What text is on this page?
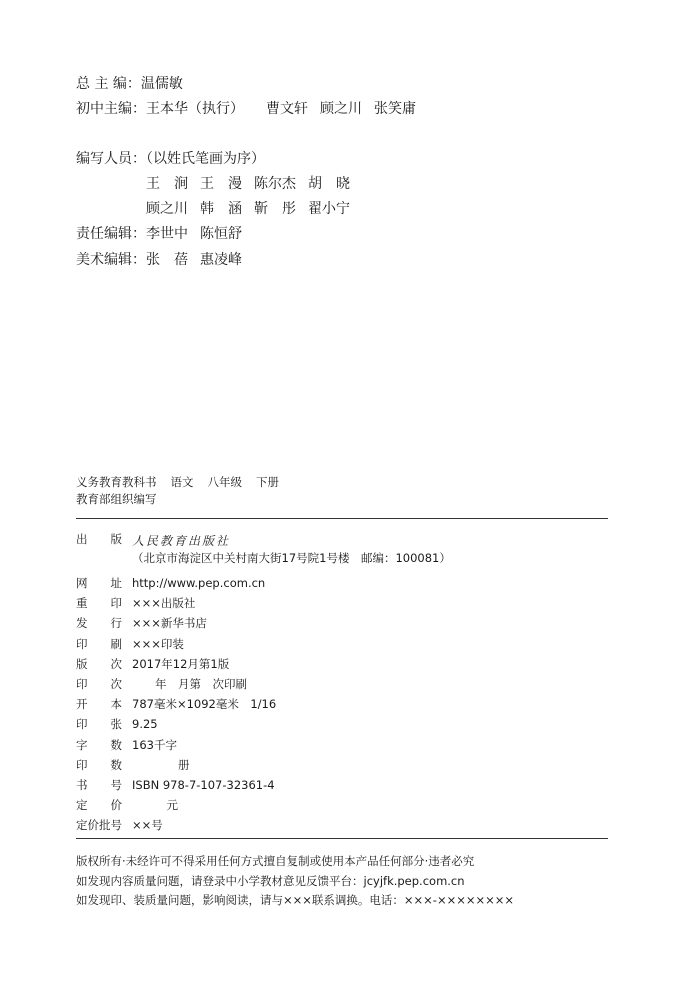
总 主 编：温儒敏
初中主编：王本华（执行） 曹文轩 顾之川 张笑庸
编写人员：（以姓氏笔画为序）
王　涧 王　漫 陈尔杰 胡　晓
顾之川 韩　涵 靳　彤 翟小宁
责任编辑：李世中 陈恒舒
美术编辑：张　蓓 惠凌峰
义务教育教科书 语文 八年级 下册
教育部组织编写
出　　版 人民教育出版社
（北京市海淀区中关村南大街17号院1号楼　邮编：100081）
网　　址 http://www.pep.com.cn
重　　印 ×××出版社
发　　行 ×××新华书店
印　　刷 ×××印装
版　　次 2017年12月第1版
印　　次 　　年　月第　次印刷
开　　本 787毫米×1092毫米　1/16
印　　张 9.25
字　　数 163千字
印　　数 　　　　册
书　　号 ISBN 978-7-107-32361-4
定　　价 　　　元
定价批号 ××号
版权所有·未经许可不得采用任何方式擅自复制或使用本产品任何部分·违者必究
如发现内容质量问题，请登录中小学教材意见反馈平台：jcyjfk.pep.com.cn
如发现印、装质量问题，影响阅读，请与×××联系调换。电话：×××-××××××××
